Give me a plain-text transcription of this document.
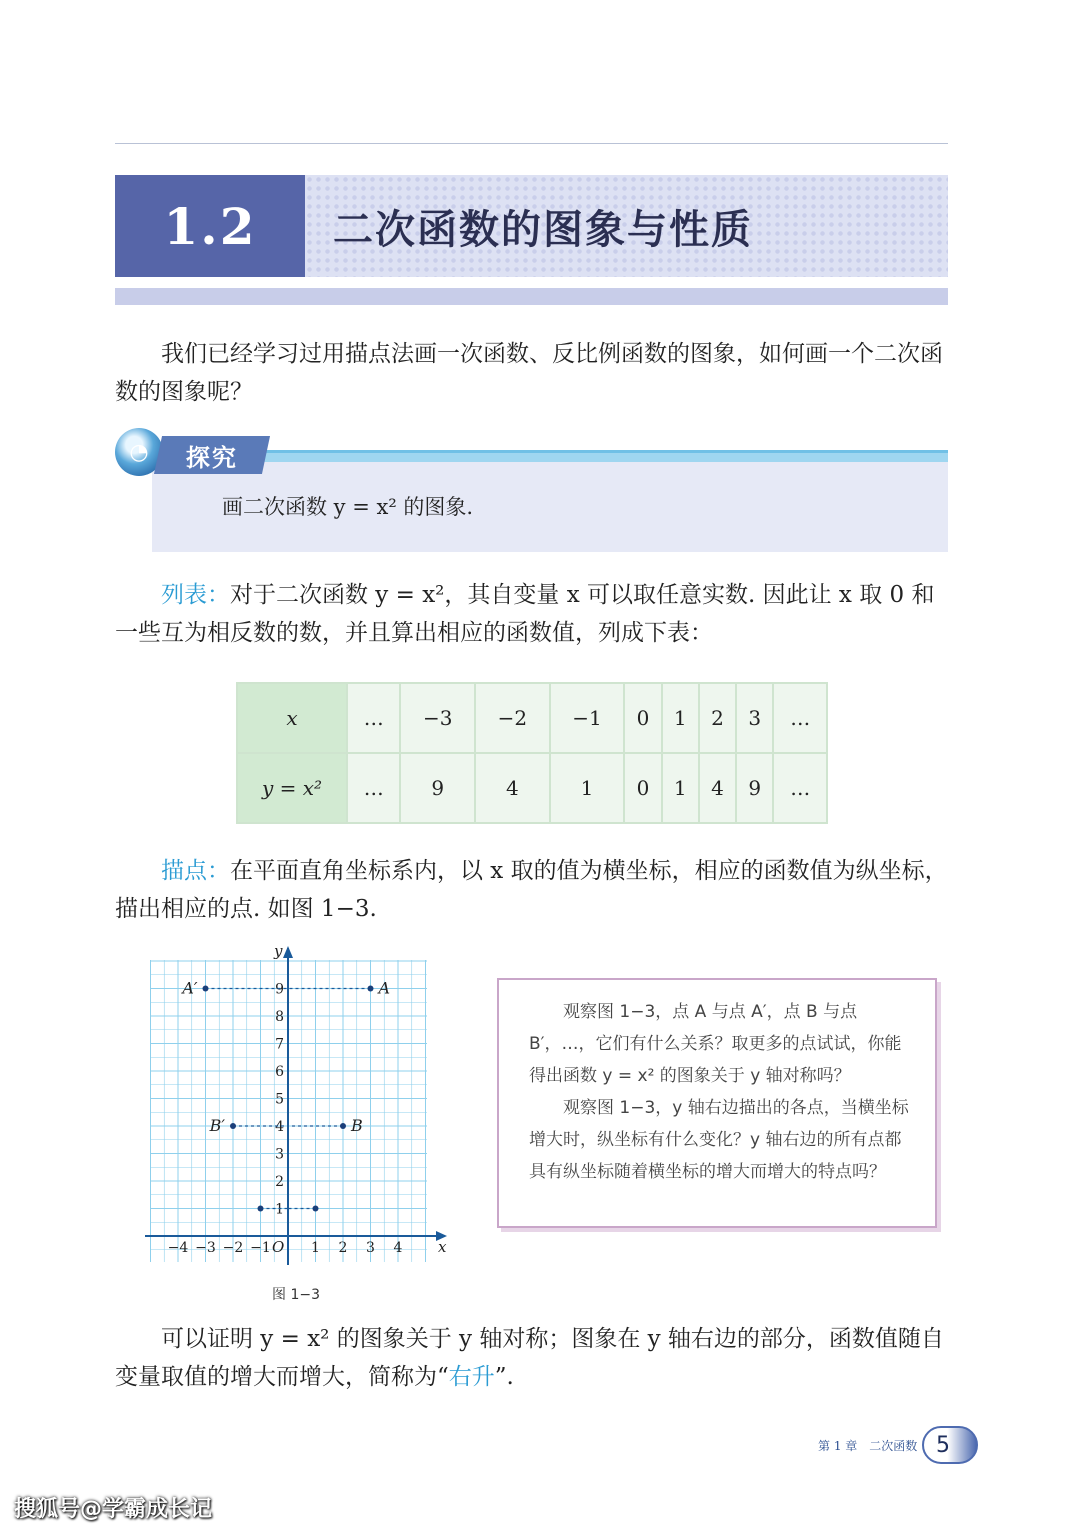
1.2	二次函数的图象与性质
我们已经学习过用描点法画一次函数、反比例函数的图象，如何画一个二次函数的图象呢？
画二次函数 y = x² 的图象.
◔	探究
列表：对于二次函数 y = x²，其自变量 x 可以取任意实数. 因此让 x 取 0 和一些互为相反数的数，并且算出相应的函数值，列成下表：
x	…	−3	−2	−1	0	1	2	3	…
y = x²	…	9	4	1	0	1	4	9	…
描点：在平面直角坐标系内，以 x 取的值为横坐标，相应的函数值为纵坐标，描出相应的点. 如图 1−3.
x
y
O
−4 −3 −2 −1	1 2 3 4
1
2
3
4
5
6
7
8
9	A
A′
B
B′
图 1−3

观察图 1−3，点 A 与点 A′，点 B 与点 B′，…，它们有什么关系？取更多的点试试，你能得出函数 y = x² 的图象关于 y 轴对称吗？

观察图 1−3，y 轴右边描出的各点，当横坐标增大时，纵坐标有什么变化？y 轴右边的所有点都具有纵坐标随着横坐标的增大而增大的特点吗？

可以证明 y = x² 的图象关于 y 轴对称；图象在 y 轴右边的部分，函数值随自变量取值的增大而增大，简称为“右升”.
第 1 章　二次函数 5
搜狐号@学霸成长记
